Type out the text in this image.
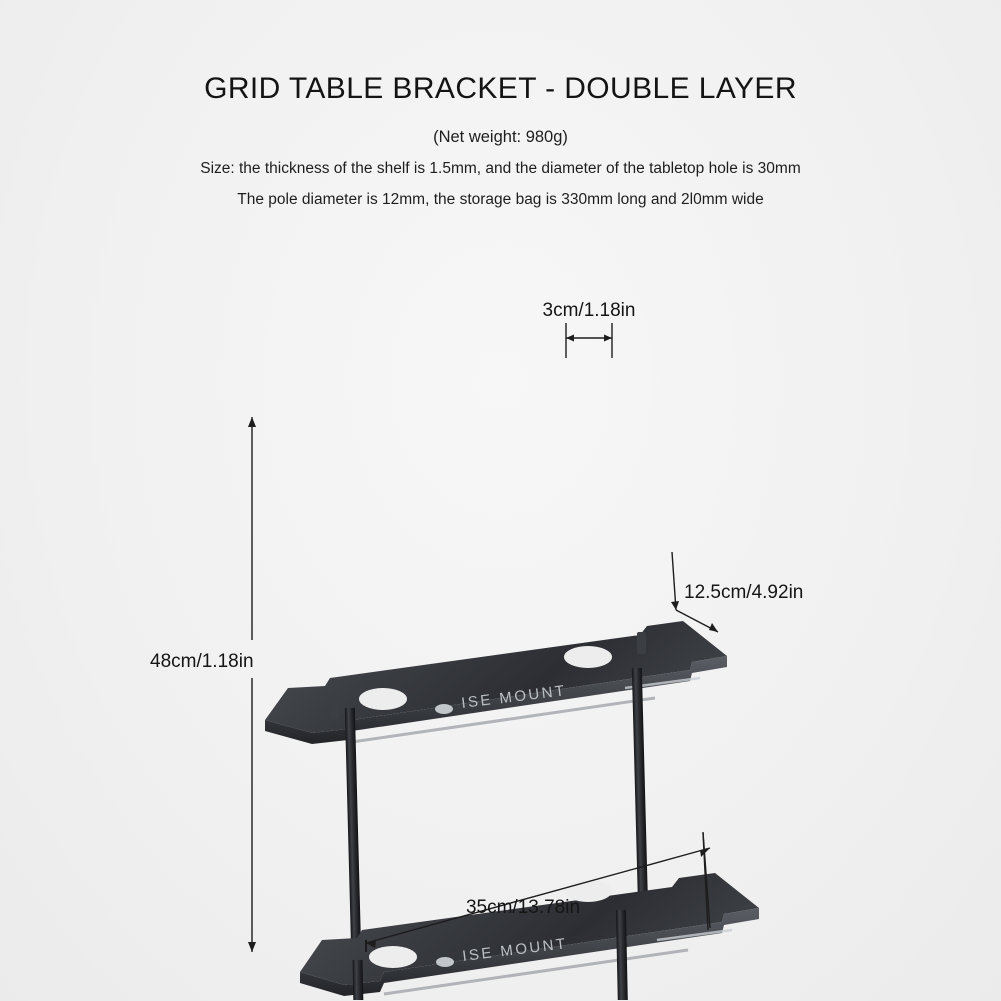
GRID TABLE BRACKET - DOUBLE LAYER

(Net weight: 980g)

Size: the thickness of the shelf is 1.5mm, and the diameter of the tabletop hole is 30mm

The pole diameter is 12mm, the storage bag is 330mm long and 2l0mm wide

ISE MOUNT
ISE MOUNT
3cm/1.18in
12.5cm/4.92in
48cm/1.18in
35cm/13.78in
